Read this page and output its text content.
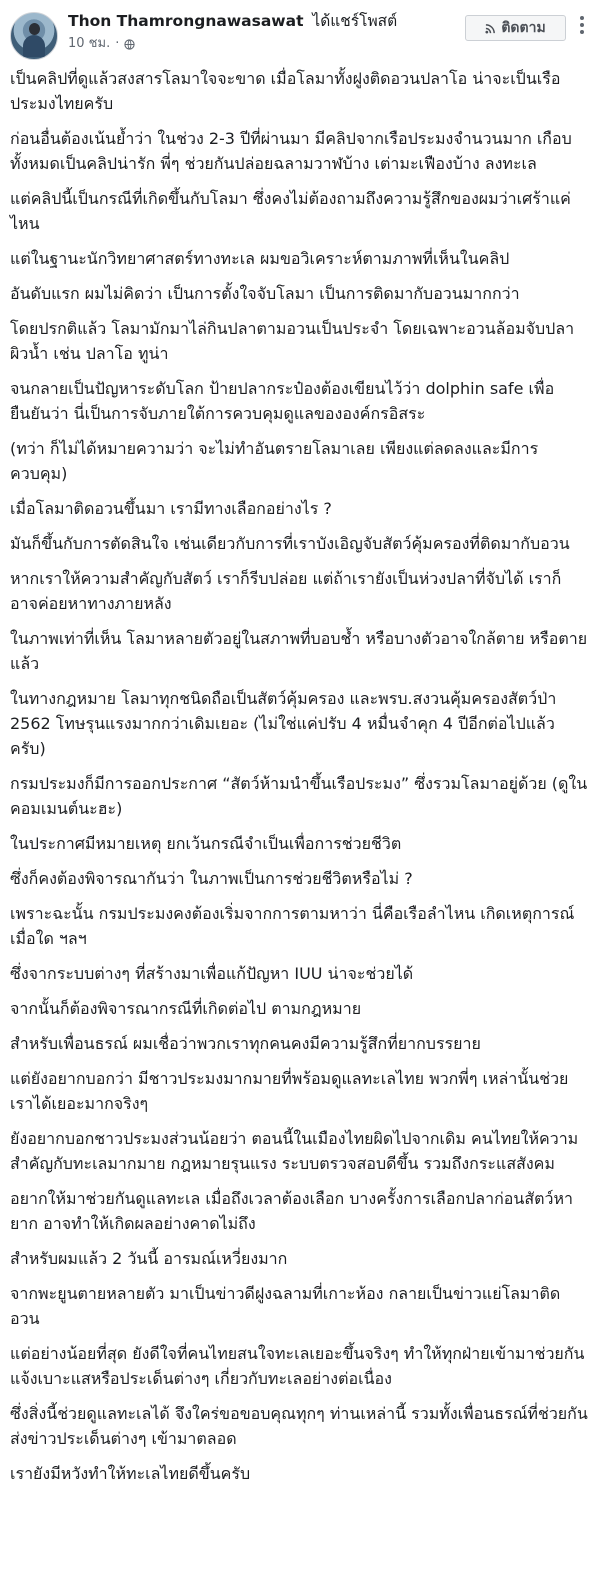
Thon Thamrongnawasawat ได้แชร์โพสต์
10 ชม. ·
ติดตาม

เป็นคลิปที่ดูแล้วสงสารโลมาใจจะขาด เมื่อโลมาทั้งฝูงติดอวนปลาโอ น่าจะเป็นเรือประมงไทยครับ

ก่อนอื่นต้องเน้นย้ำว่า ในช่วง 2-3 ปีที่ผ่านมา มีคลิปจากเรือประมงจำนวนมาก เกือบทั้งหมดเป็นคลิปน่ารัก พี่ๆ ช่วยกันปล่อยฉลามวาฬบ้าง เต่ามะเฟืองบ้าง ลงทะเล

แต่คลิปนี้เป็นกรณีที่เกิดขึ้นกับโลมา ซึ่งคงไม่ต้องถามถึงความรู้สึกของผมว่าเศร้าแค่ไหน

แต่ในฐานะนักวิทยาศาสตร์ทางทะเล ผมขอวิเคราะห์ตามภาพที่เห็นในคลิป

อันดับแรก ผมไม่คิดว่า เป็นการตั้งใจจับโลมา เป็นการติดมากับอวนมากกว่า

โดยปรกติแล้ว โลมามักมาไล่กินปลาตามอวนเป็นประจำ โดยเฉพาะอวนล้อมจับปลาผิวน้ำ เช่น ปลาโอ ทูน่า

จนกลายเป็นปัญหาระดับโลก ป้ายปลากระป๋องต้องเขียนไว้ว่า dolphin safe เพื่อยืนยันว่า นี่เป็นการจับภายใต้การควบคุมดูแลขององค์กรอิสระ

(ทว่า ก็ไม่ได้หมายความว่า จะไม่ทำอันตรายโลมาเลย เพียงแต่ลดลงและมีการควบคุม)

เมื่อโลมาติดอวนขึ้นมา เรามีทางเลือกอย่างไร ?

มันก็ขึ้นกับการตัดสินใจ เช่นเดียวกับการที่เราบังเอิญจับสัตว์คุ้มครองที่ติดมากับอวน

หากเราให้ความสำคัญกับสัตว์ เราก็รีบปล่อย แต่ถ้าเรายังเป็นห่วงปลาที่จับได้ เราก็อาจค่อยหาทางภายหลัง

ในภาพเท่าที่เห็น โลมาหลายตัวอยู่ในสภาพที่บอบช้ำ หรือบางตัวอาจใกล้ตาย หรือตายแล้ว

ในทางกฎหมาย โลมาทุกชนิดถือเป็นสัตว์คุ้มครอง และพรบ.สงวนคุ้มครองสัตว์ป่า 2562 โทษรุนแรงมากกว่าเดิมเยอะ (ไม่ใช่แค่ปรับ 4 หมื่นจำคุก 4 ปีอีกต่อไปแล้วครับ)

กรมประมงก็มีการออกประกาศ “สัตว์ห้ามนำขึ้นเรือประมง” ซึ่งรวมโลมาอยู่ด้วย (ดูในคอมเมนต์นะฮะ)

ในประกาศมีหมายเหตุ ยกเว้นกรณีจำเป็นเพื่อการช่วยชีวิต

ซึ่งก็คงต้องพิจารณากันว่า ในภาพเป็นการช่วยชีวิตหรือไม่ ?

เพราะฉะนั้น กรมประมงคงต้องเริ่มจากการตามหาว่า นี่คือเรือลำไหน เกิดเหตุการณ์เมื่อใด ฯลฯ

ซึ่งจากระบบต่างๆ ที่สร้างมาเพื่อแก้ปัญหา IUU น่าจะช่วยได้

จากนั้นก็ต้องพิจารณากรณีที่เกิดต่อไป ตามกฎหมาย

สำหรับเพื่อนธรณ์ ผมเชื่อว่าพวกเราทุกคนคงมีความรู้สึกที่ยากบรรยาย

แต่ยังอยากบอกว่า มีชาวประมงมากมายที่พร้อมดูแลทะเลไทย พวกพี่ๆ เหล่านั้นช่วยเราได้เยอะมากจริงๆ

ยังอยากบอกชาวประมงส่วนน้อยว่า ตอนนี้ในเมืองไทยผิดไปจากเดิม คนไทยให้ความสำคัญกับทะเลมากมาย กฎหมายรุนแรง ระบบตรวจสอบดีขึ้น รวมถึงกระแสสังคม

อยากให้มาช่วยกันดูแลทะเล เมื่อถึงเวลาต้องเลือก บางครั้งการเลือกปลาก่อนสัตว์หายาก อาจทำให้เกิดผลอย่างคาดไม่ถึง

สำหรับผมแล้ว 2 วันนี้ อารมณ์เหวี่ยงมาก

จากพะยูนตายหลายตัว มาเป็นข่าวดีฝูงฉลามที่เกาะห้อง กลายเป็นข่าวแย่โลมาติดอวน

แต่อย่างน้อยที่สุด ยังดีใจที่คนไทยสนใจทะเลเยอะขึ้นจริงๆ ทำให้ทุกฝ่ายเข้ามาช่วยกันแจ้งเบาะแสหรือประเด็นต่างๆ เกี่ยวกับทะเลอย่างต่อเนื่อง

ซึ่งสิ่งนี้ช่วยดูแลทะเลได้ จึงใคร่ขอขอบคุณทุกๆ ท่านเหล่านี้ รวมทั้งเพื่อนธรณ์ที่ช่วยกันส่งข่าวประเด็นต่างๆ เข้ามาตลอด

เรายังมีหวังทำให้ทะเลไทยดีขึ้นครับ
